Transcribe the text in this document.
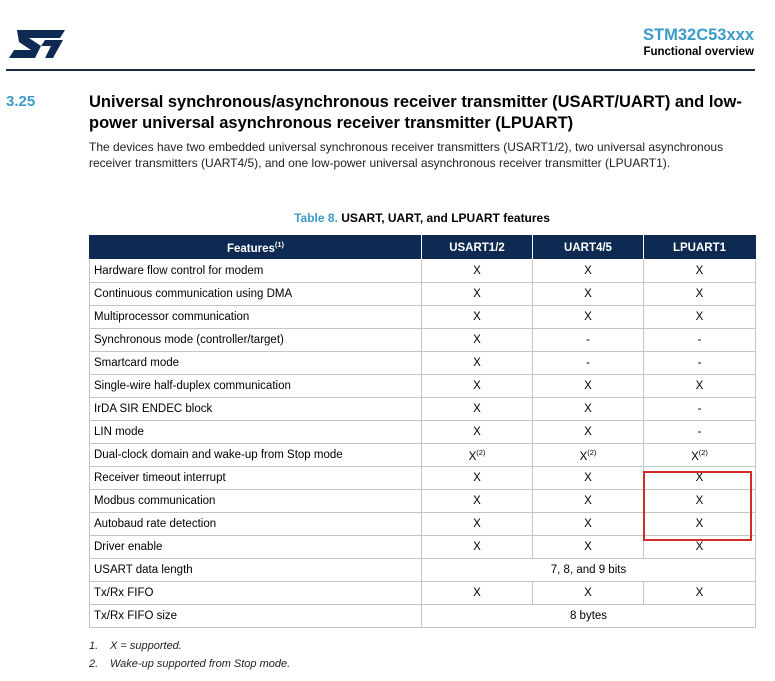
STM32C53xxx
Functional overview
3.25	Universal synchronous/asynchronous receiver transmitter (USART/UART) and low-power universal asynchronous receiver transmitter (LPUART)
The devices have two embedded universal synchronous receiver transmitters (USART1/2), two universal asynchronous receiver transmitters (UART4/5), and one low-power universal asynchronous receiver transmitter (LPUART1).
Table 8. USART, UART, and LPUART features
Features$^{(1)}$	USART1/2	UART4/5	LPUART1
Hardware flow control for modem	X	X	X
Continuous communication using DMA	X	X	X
Multiprocessor communication	X	X	X
Synchronous mode (controller/target)	X	-	-
Smartcard mode	X	-	-
Single-wire half-duplex communication	X	X	X
IrDA SIR ENDEC block	X	X	-
LIN mode	X	X	-
Dual-clock domain and wake-up from Stop mode	X$^{(2)}$	X$^{(2)}$	X$^{(2)}$
Receiver timeout interrupt	X	X	X
Modbus communication	X	X	X
Autobaud rate detection	X	X	X
Driver enable	X	X	X
USART data length	7, 8, and 9 bits		
Tx/Rx FIFO	X	X	X
Tx/Rx FIFO size	8 bytes		
1. X = supported.
2. Wake-up supported from Stop mode.
